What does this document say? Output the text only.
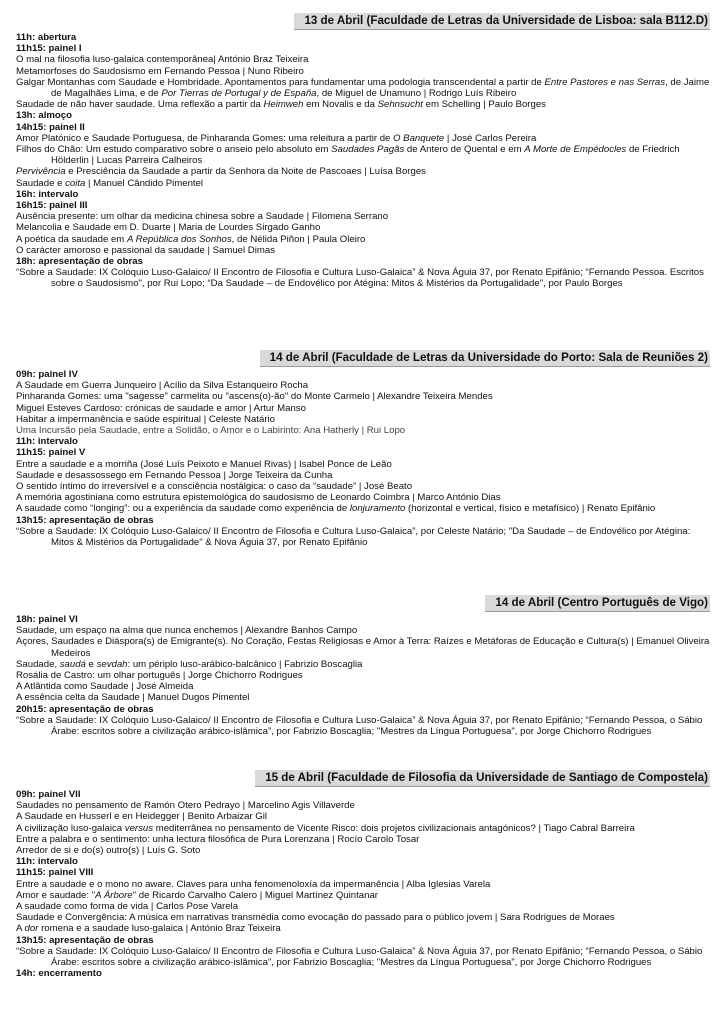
13 de Abril (Faculdade de Letras da Universidade de Lisboa: sala B112.D)
11h: abertura
11h15: painel I
O mal na filosofia luso-galaica contemporânea| António Braz Teixeira
Metamorfoses do Saudosismo em Fernando Pessoa | Nuno Ribeiro
Galgar Montanhas com Saudade e Hombridade. Apontamentos para fundamentar uma podologia transcendental a partir de Entre Pastores e nas Serras, de Jaime de Magalhães Lima, e de Por Tierras de Portugal y de España, de Miguel de Unamuno | Rodrigo Luís Ribeiro
Saudade de não haver saudade. Uma reflexão a partir da Heimweh em Novalis e da Sehnsucht em Schelling | Paulo Borges
13h: almoço
14h15: painel II
Amor Platónico e Saudade Portuguesa, de Pinharanda Gomes: uma releitura a partir de O Banquete | José Carlos Pereira
Filhos do Chão: Um estudo comparativo sobre o anseio pelo absoluto em Saudades Pagãs de Antero de Quental e em A Morte de Empédocles de Friedrich Hölderlin | Lucas Parreira Calheiros
Pervivência e Presciência da Saudade a partir da Senhora da Noite de Pascoaes | Luísa Borges
Saudade e coita | Manuel Cândido Pimentel
16h: intervalo
16h15: painel III
Ausência presente: um olhar da medicina chinesa sobre a Saudade | Filomena Serrano
Melancolia e Saudade em D. Duarte | Maria de Lourdes Sirgado Ganho
A poética da saudade em A República dos Sonhos, de Nélida Piñon | Paula Oleiro
O carácter amoroso e passional da saudade | Samuel Dimas
18h: apresentação de obras
“Sobre a Saudade: IX Colóquio Luso-Galaico/ II Encontro de Filosofia e Cultura Luso-Galaica” & Nova Águia 37, por Renato Epifânio; “Fernando Pessoa. Escritos sobre o Saudosismo", por Rui Lopo; “Da Saudade – de Endovélico por Atégina: Mitos & Mistérios da Portugalidade", por Paulo Borges
14 de Abril (Faculdade de Letras da Universidade do Porto: Sala de Reuniões 2)
09h: painel IV
A Saudade em Guerra Junqueiro | Acílio da Silva Estanqueiro Rocha
Pinharanda Gomes: uma "sagesse" carmelita ou "ascens(o)-ão" do Monte Carmelo | Alexandre Teixeira Mendes
Miguel Esteves Cardoso: crónicas de saudade e amor | Artur Manso
Habitar a impermanência e saúde espiritual | Celeste Natário
Uma Incursão pela Saudade, entre a Solidão, o Amor e o Labirinto: Ana Hatherly | Rui Lopo
11h: intervalo
11h15: painel V
Entre a saudade e a morriña (José Luís Peixoto e Manuel Rivas) | Isabel Ponce de Leão
Saudade e desassossego em Fernando Pessoa | Jorge Teixeira da Cunha
O sentido íntimo do irreversível e a consciência nostálgica: o caso da “saudade” | José Beato
A memória agostiniana como estrutura epistemológica do saudosismo de Leonardo Coimbra | Marco António Dias
A saudade como “longing”: ou a experiência da saudade como experiência de lonjuramento (horizontal e vertical, físico e metafísico) | Renato Epifânio
13h15: apresentação de obras
“Sobre a Saudade: IX Colóquio Luso-Galaico/ II Encontro de Filosofia e Cultura Luso-Galaica”, por Celeste Natário; "Da Saudade – de Endovélico por Atégina: Mitos & Mistérios da Portugalidade" & Nova Águia 37, por Renato Epifânio
14 de Abril (Centro Português de Vigo)
18h: painel VI
Saudade, um espaço na alma que nunca enchemos | Alexandre Banhos Campo
Açores, Saudades e Diáspora(s) de Emigrante(s). No Coração, Festas Religiosas e Amor à Terra: Raízes e Metáforas de Educação e Cultura(s) | Emanuel Oliveira Medeiros
Saudade, saudá e sevdah: um périplo luso-arábico-balcânico | Fabrizio Boscaglia
Rosália de Castro: um olhar português | Jorge Chichorro Rodrigues
A Atlântida como Saudade | José Almeida
A essência celta da Saudade | Manuel Dugos Pimentel
20h15: apresentação de obras
“Sobre a Saudade: IX Colóquio Luso-Galaico/ II Encontro de Filosofia e Cultura Luso-Galaica” & Nova Águia 37, por Renato Epifânio; “Fernando Pessoa, o Sábio Árabe: escritos sobre a civilização arábico-islâmica”, por Fabrizio Boscaglia; "Mestres da Língua Portuguesa", por Jorge Chichorro Rodrigues
15 de Abril (Faculdade de Filosofia da Universidade de Santiago de Compostela)
09h: painel VII
Saudades no pensamento de Ramón Otero Pedrayo | Marcelino Agis Villaverde
A Saudade en Husserl e en Heidegger | Benito Arbaizar Gil
A civilização luso-galaica versus mediterrânea no pensamento de Vicente Risco: dois projetos civilizacionais antagónicos? | Tiago Cabral Barreira
Entre a palabra e o sentimento: unha lectura filosófica de Pura Lorenzana | Rocío Carolo Tosar
Arredor de si e do(s) outro(s) | Luís G. Soto
11h: intervalo
11h15: painel VIII
Entre a saudade e o mono no aware. Claves para unha fenomenoloxía da impermanência | Alba Iglesias Varela
Amor e saudade: "A Árbore" de Ricardo Carvalho Calero | Miguel Martínez Quintanar
A saudade como forma de vida | Carlos Pose Varela
Saudade e Convergência: A música em narrativas transmédia como evocação do passado para o público jovem | Sara Rodrigues de Moraes
A dor romena e a saudade luso-galaica | António Braz Teixeira
13h15: apresentação de obras
“Sobre a Saudade: IX Colóquio Luso-Galaico/ II Encontro de Filosofia e Cultura Luso-Galaica” & Nova Águia 37, por Renato Epifânio; “Fernando Pessoa, o Sábio Árabe: escritos sobre a civilização arábico-islâmica”, por Fabrizio Boscaglia; "Mestres da Língua Portuguesa", por Jorge Chichorro Rodrigues
14h: encerramento
